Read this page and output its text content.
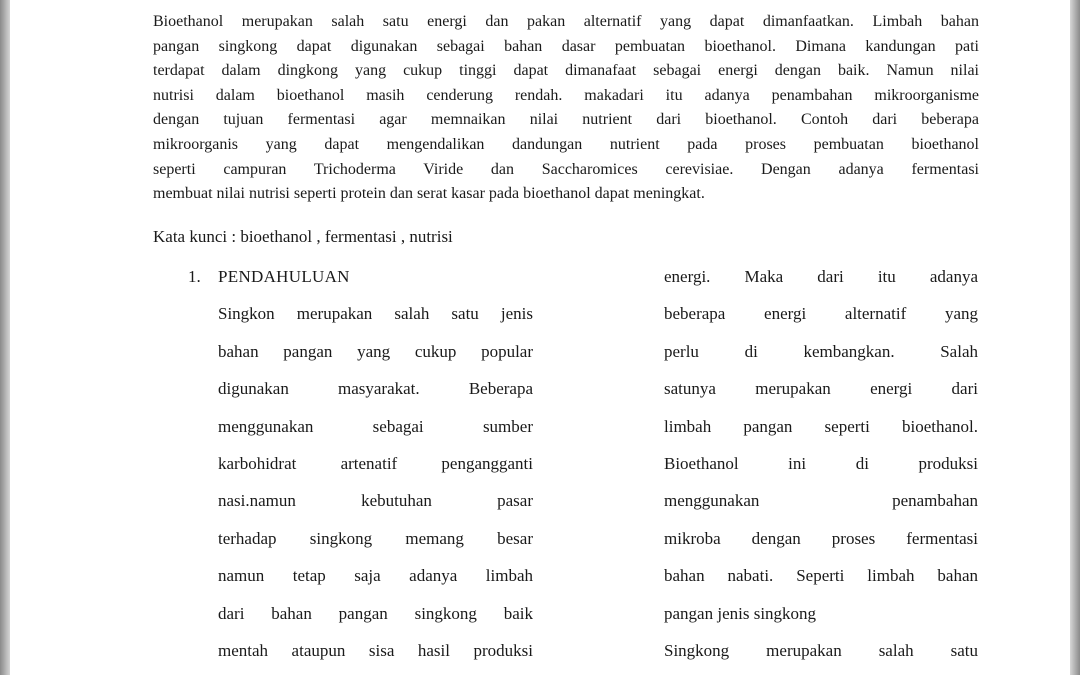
Bioethanol merupakan salah satu energi dan pakan alternatif yang dapat dimanfaatkan. Limbah bahan
pangan singkong dapat digunakan sebagai bahan dasar pembuatan bioethanol. Dimana kandungan pati
terdapat dalam dingkong yang cukup tinggi dapat dimanafaat sebagai energi dengan baik. Namun nilai
nutrisi dalam bioethanol masih cenderung rendah. makadari itu adanya penambahan mikroorganisme
dengan tujuan fermentasi agar memnaikan nilai nutrient dari bioethanol. Contoh dari beberapa
mikroorganis yang dapat mengendalikan dandungan nutrient pada proses pembuatan bioethanol
seperti campuran Trichoderma Viride dan Saccharomices cerevisiae. Dengan adanya fermentasi
membuat nilai nutrisi seperti protein dan serat kasar pada bioethanol dapat meningkat.
Kata kunci : bioethanol , fermentasi , nutrisi
1. PENDAHULUAN
Singkon merupakan salah satu jenis
bahan pangan yang cukup popular
digunakan masyarakat. Beberapa
menggunakan sebagai sumber
karbohidrat artenatif pengangganti
nasi.namun kebutuhan pasar
terhadap singkong memang besar
namun tetap saja adanya limbah
dari bahan pangan singkong baik
mentah ataupun sisa hasil produksi
energi. Maka dari itu adanya
beberapa energi alternatif yang
perlu di kembangkan. Salah
satunya merupakan energi dari
limbah pangan seperti bioethanol.
Bioethanol ini di produksi
menggunakan penambahan
mikroba dengan proses fermentasi
bahan nabati. Seperti limbah bahan
pangan jenis singkong
Singkong merupakan salah satu
